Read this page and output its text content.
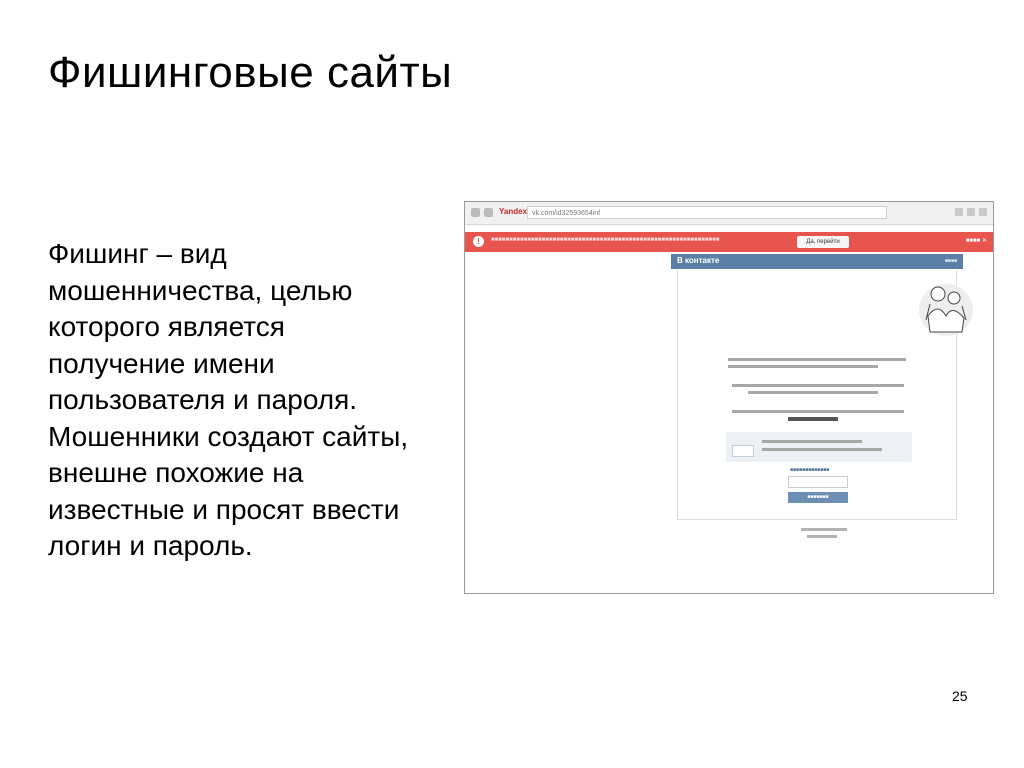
Фишинговые сайты
Фишинг – вид
мошенничества, целью
которого является
получение имени
пользователя и пароля.
Мошенники создают сайты,
внешне похожие на
известные и просят ввести
логин и пароль.
Yandex vk.com/id32593654inf
!	■■■■■■■■■■■■■■■■■■■■■■■■■■■■■■■■■■■■■■■■■■■■■■■■■■■■■■■■■■■■■■■	Да, перейти	■■■■ ✕
В контакте	■■■■
■■■■■■■■■■■■■
■■■■■■■
25
